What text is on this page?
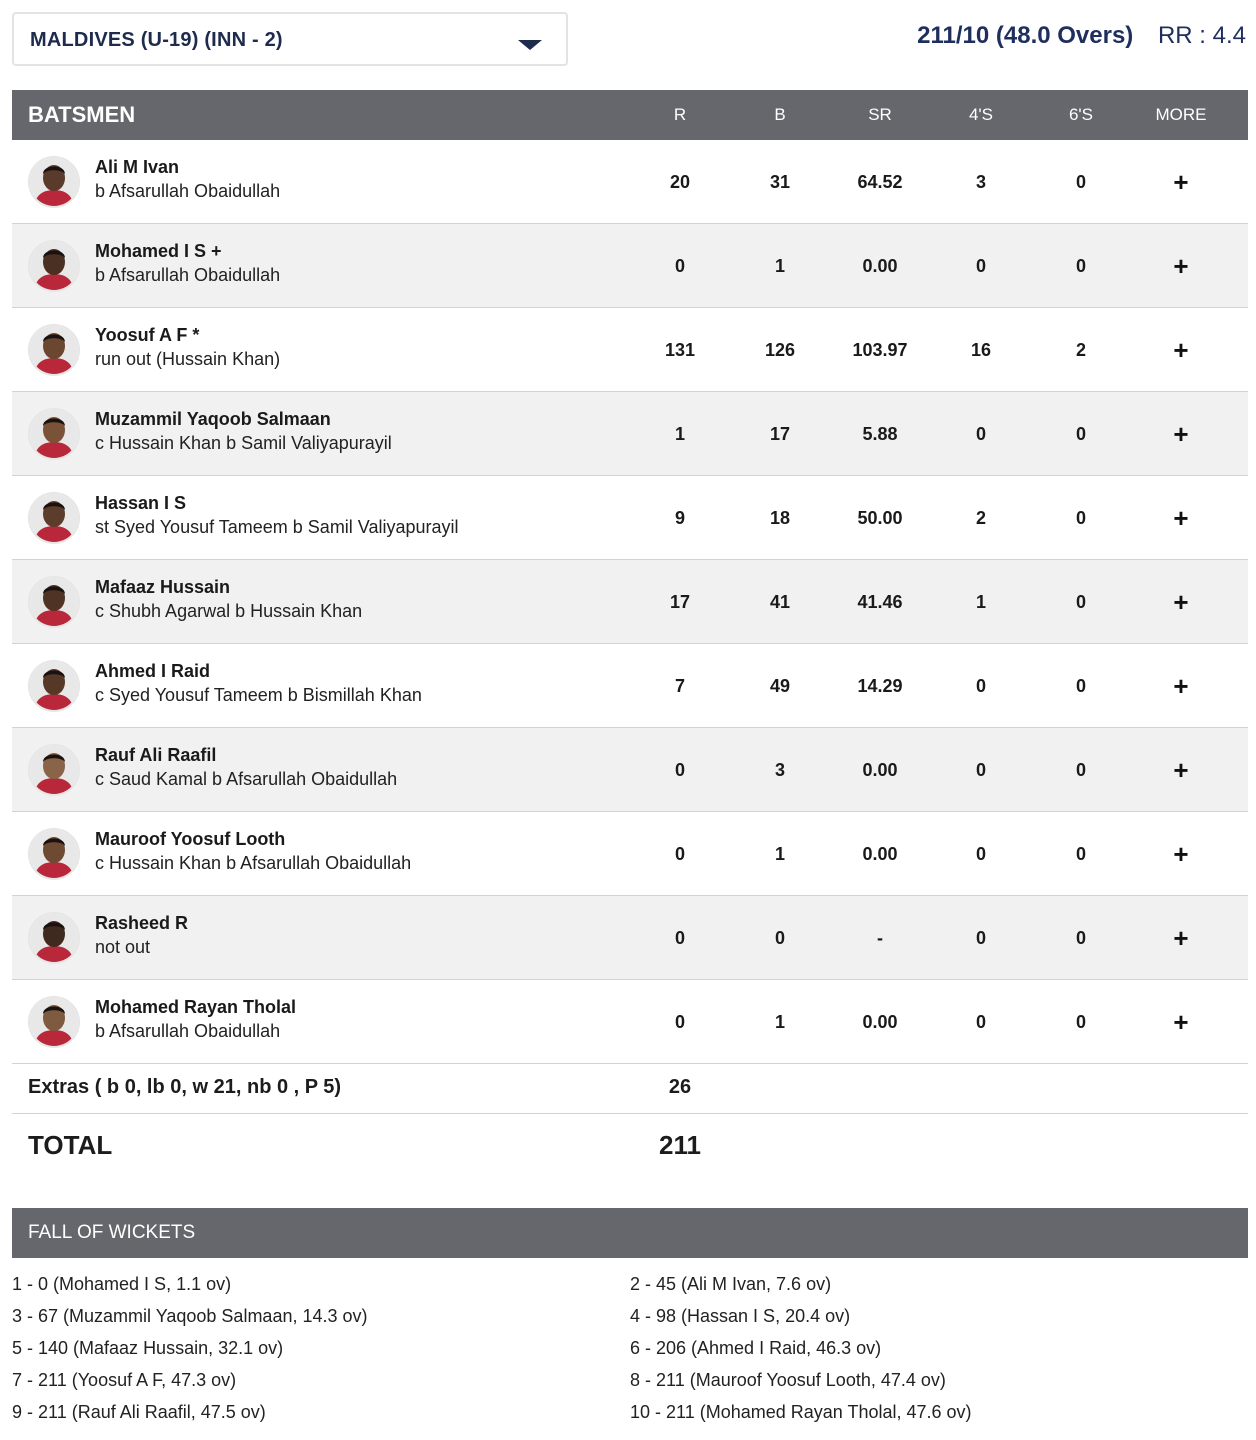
MALDIVES (U-19) (INN - 2)	211/10 (48.0 Overs) RR : 4.4
BATSMEN	R	B	SR	4'S	6'S	MORE
Ali M Ivan
b Afsarullah Obaidullah	20	31	64.52	3	0	+
Mohamed I S +
b Afsarullah Obaidullah	0	1	0.00	0	0	+
Yoosuf A F *
run out (Hussain Khan)	131	126	103.97	16	2	+
Muzammil Yaqoob Salmaan
c Hussain Khan b Samil Valiyapurayil	1	17	5.88	0	0	+
Hassan I S
st Syed Yousuf Tameem b Samil Valiyapurayil	9	18	50.00	2	0	+
Mafaaz Hussain
c Shubh Agarwal b Hussain Khan	17	41	41.46	1	0	+
Ahmed I Raid
c Syed Yousuf Tameem b Bismillah Khan	7	49	14.29	0	0	+
Rauf Ali Raafil
c Saud Kamal b Afsarullah Obaidullah	0	3	0.00	0	0	+
Mauroof Yoosuf Looth
c Hussain Khan b Afsarullah Obaidullah	0	1	0.00	0	0	+
Rasheed R
not out	0	0	-	0	0	+
Mohamed Rayan Tholal
b Afsarullah Obaidullah	0	1	0.00	0	0	+
Extras ( b 0, lb 0, w 21, nb 0 , P 5)	26
TOTAL	211
FALL OF WICKETS
1 - 0 (Mohamed I S, 1.1 ov)	2 - 45 (Ali M Ivan, 7.6 ov)
3 - 67 (Muzammil Yaqoob Salmaan, 14.3 ov)	4 - 98 (Hassan I S, 20.4 ov)
5 - 140 (Mafaaz Hussain, 32.1 ov)	6 - 206 (Ahmed I Raid, 46.3 ov)
7 - 211 (Yoosuf A F, 47.3 ov)	8 - 211 (Mauroof Yoosuf Looth, 47.4 ov)
9 - 211 (Rauf Ali Raafil, 47.5 ov)	10 - 211 (Mohamed Rayan Tholal, 47.6 ov)
